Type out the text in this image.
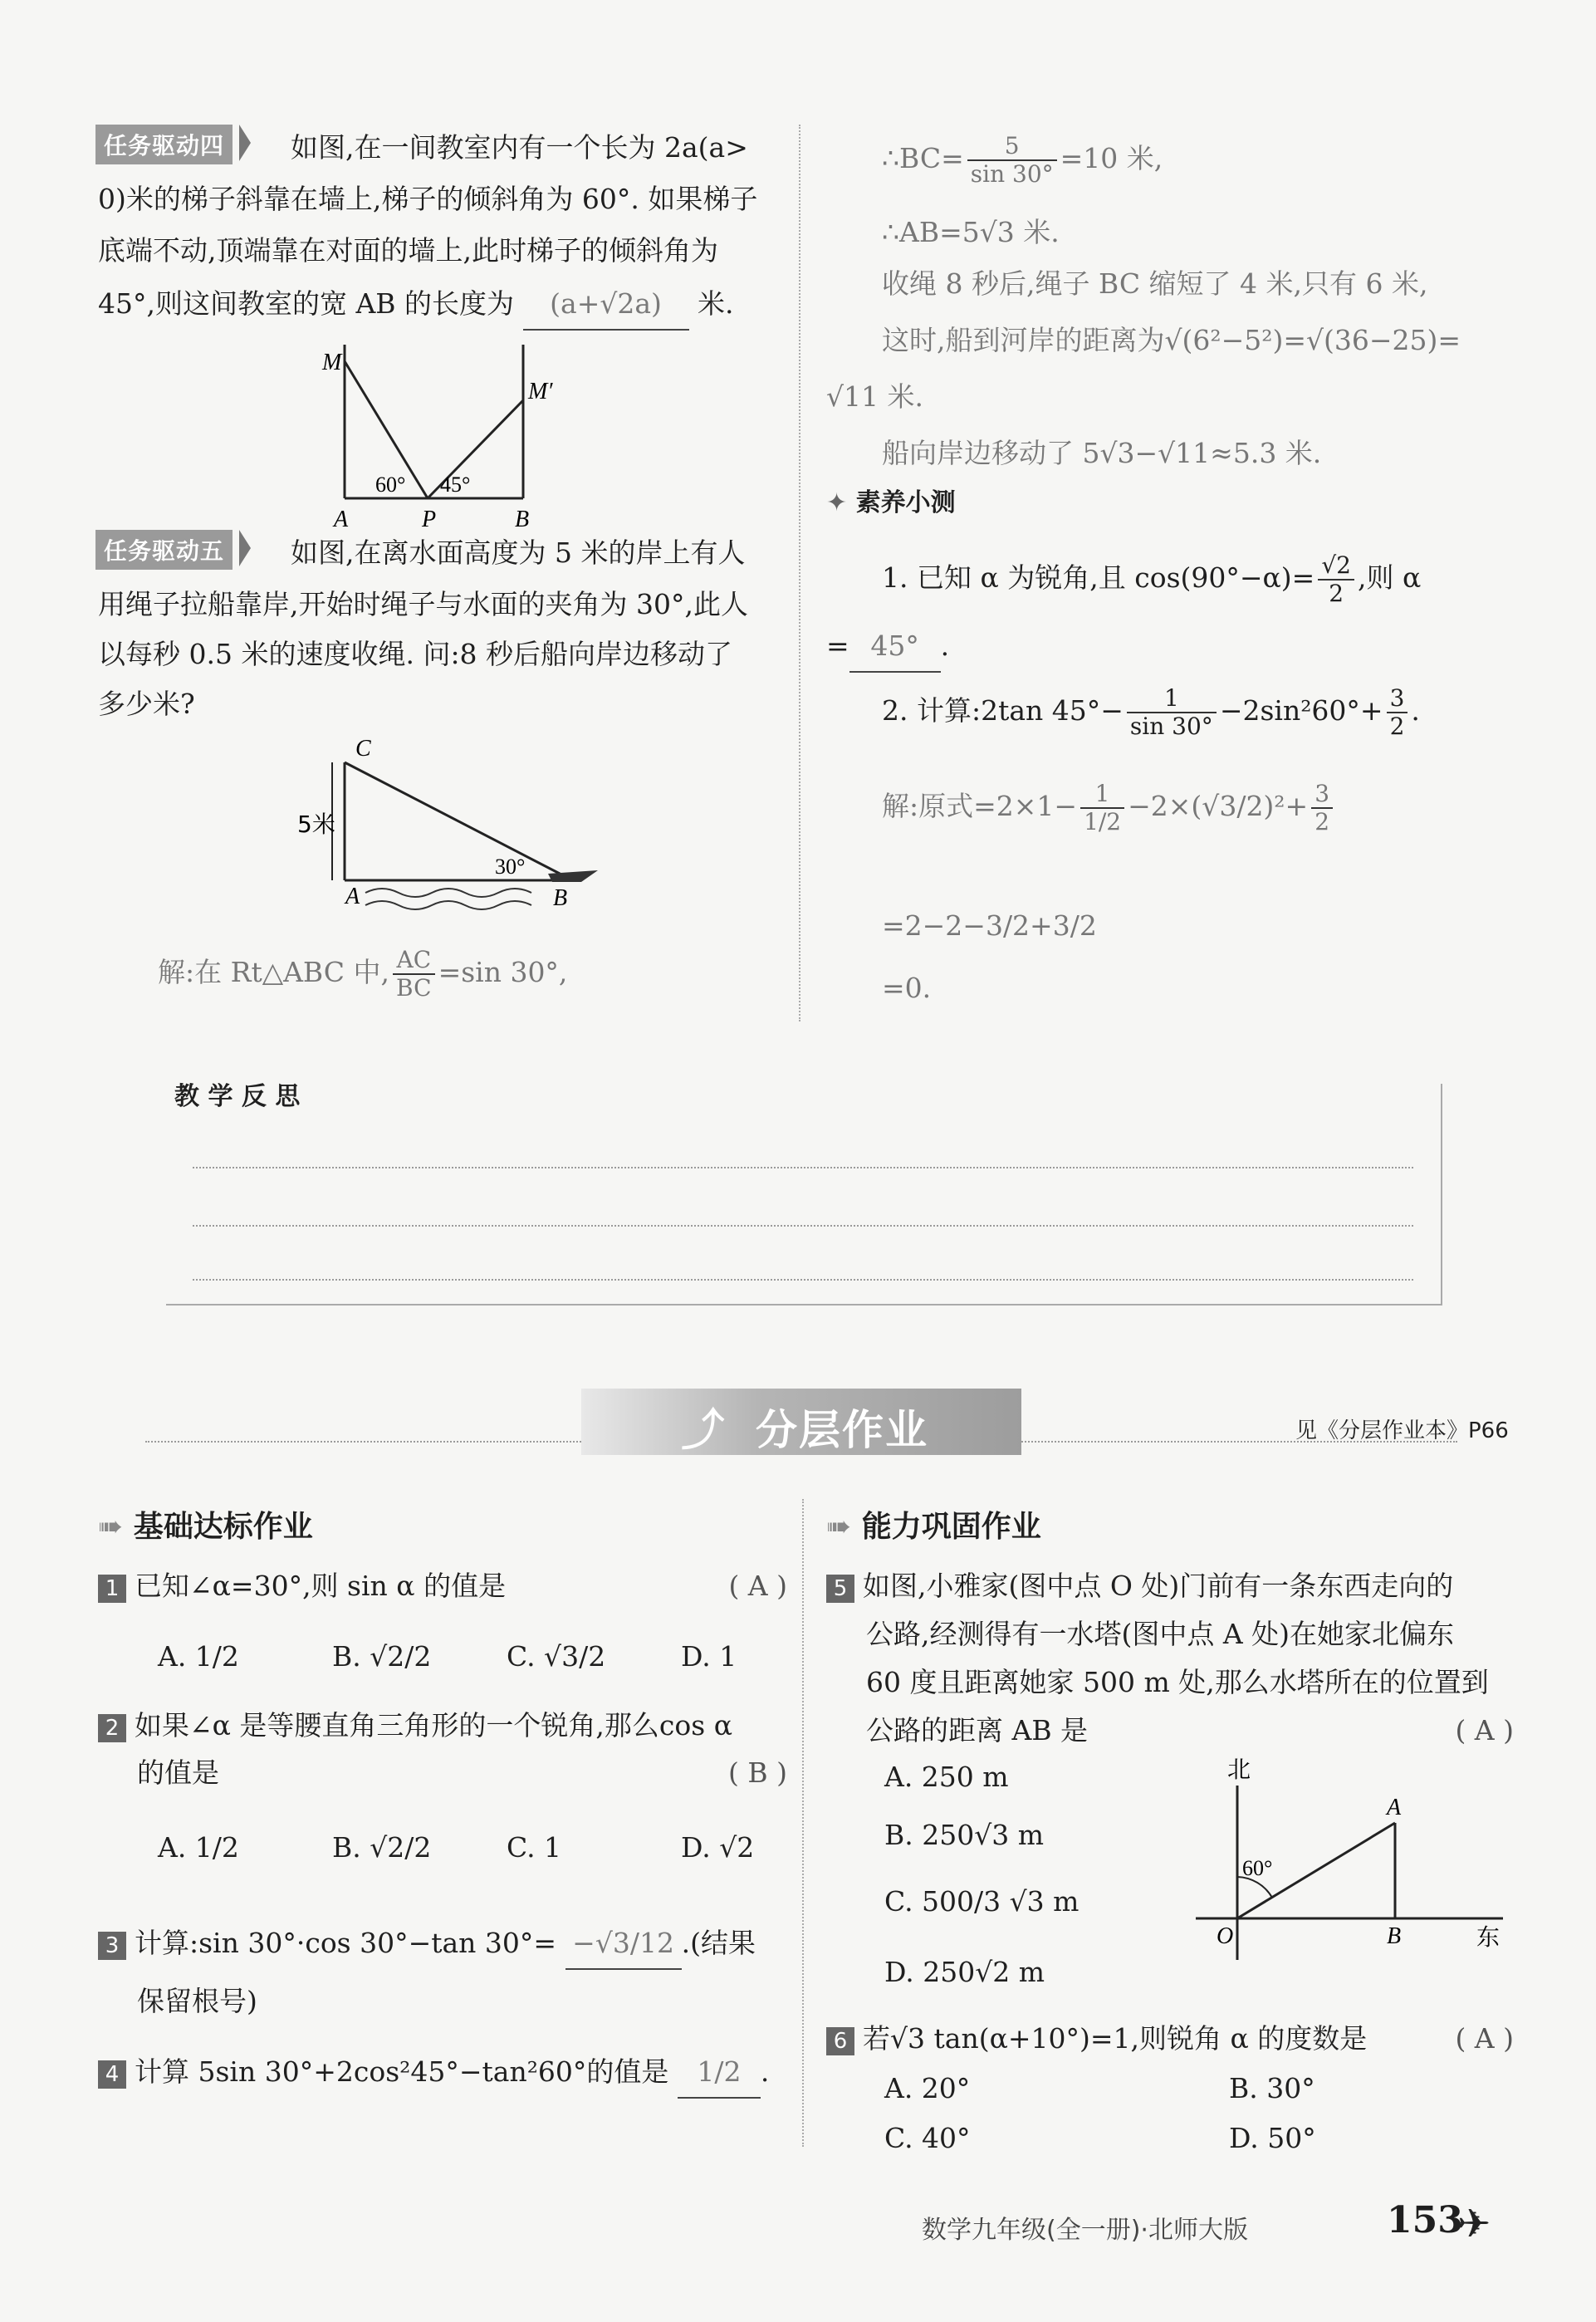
任务驱动四	如图,在一间教室内有一个长为 2a(a>
0)米的梯子斜靠在墙上,梯子的倾斜角为 60°. 如果梯子
底端不动,顶端靠在对面的墙上,此时梯子的倾斜角为
45°,则这间教室的宽 AB 的长度为 (a+√2a) 米.
M
M′
A	P	B
60° 45°
任务驱动五	如图,在离水面高度为 5 米的岸上有人
用绳子拉船靠岸,开始时绳子与水面的夹角为 30°,此人
以每秒 0.5 米的速度收绳. 问:8 秒后船向岸边移动了
多少米?
C
5米
A	B
30°
解:在 Rt△ABC 中, $\frac{AC}{BC} =\sin$ 30°,
∴BC= $\frac{5}{\sin 30^\circ} =10$ 米,
∴AB=5√3 米.
收绳 8 秒后,绳子 BC 缩短了 4 米,只有 6 米,
这时,船到河岸的距离为√(6²−5²)=√(36−25)=
√11 米.
船向岸边移动了 5√3−√11≈5.3 米.
✦ 素养小测
1. 已知 α 为锐角,且 $\cos(90^\circ-\alpha)= \frac{√2}{2}$ ,则 α
= 45° .
2. 计算:2tan $45^\circ- \frac{1}{\sin 30^\circ} -2\sin^260^\circ+ \frac{3}{2}$ .
解:原式$=2\times 1- \frac{1}{1/2} -2\times(√3/2)^2+ \frac{3}{2}$
=2−2−3/2+3/2
=0.
教 学 反 思
⤴ 分层作业	见《分层作业本》P66
➠ 基础达标作业
1 已知∠α=30°,则 sin α 的值是	( A )
A. 1/2	B. √2/2	C. √3/2	D. 1
2 如果∠α 是等腰直角三角形的一个锐角,那么cos α
的值是	( B )
A. 1/2	B. √2/2	C. 1	D. √2
3 计算:sin 30°·cos 30°−tan 30°= −√3/12 .(结果
保留根号)
4 计算 5sin 30°+2cos²45°−tan²60°的值是 1/2 .
➠ 能力巩固作业
5 如图,小雅家(图中点 O 处)门前有一条东西走向的
公路,经测得有一水塔(图中点 A 处)在她家北偏东
60 度且距离她家 500 m 处,那么水塔所在的位置到
公路的距离 AB 是	( A )
A. 250 m
B. 250√3 m
C. 500/3 √3 m
D. 250√2 m
北
东
A
O	B
60°
6 若√3 tan(α+10°)=1,则锐角 α 的度数是	( A )
A. 20°	B. 30°
C. 40°	D. 50°
数学九年级(全一册)·北师大版	153
✈
